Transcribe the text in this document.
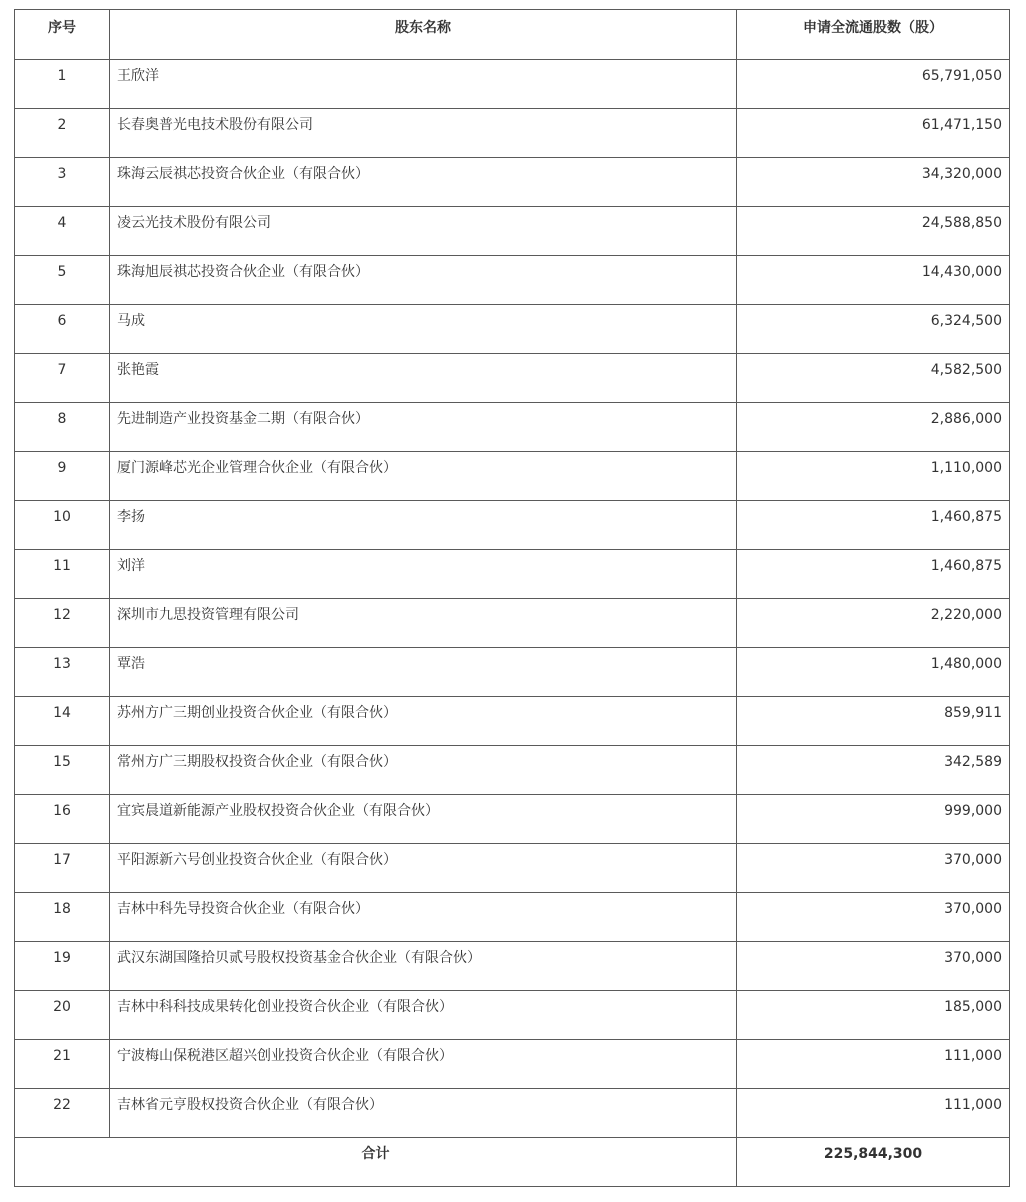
序号	股东名称	申请全流通股数（股）
1	王欣洋	65,791,050
2	长春奥普光电技术股份有限公司	61,471,150
3	珠海云辰祺芯投资合伙企业（有限合伙）	34,320,000
4	凌云光技术股份有限公司	24,588,850
5	珠海旭辰祺芯投资合伙企业（有限合伙）	14,430,000
6	马成	6,324,500
7	张艳霞	4,582,500
8	先进制造产业投资基金二期（有限合伙）	2,886,000
9	厦门源峰芯光企业管理合伙企业（有限合伙）	1,110,000
10	李扬	1,460,875
11	刘洋	1,460,875
12	深圳市九思投资管理有限公司	2,220,000
13	覃浩	1,480,000
14	苏州方广三期创业投资合伙企业（有限合伙）	859,911
15	常州方广三期股权投资合伙企业（有限合伙）	342,589
16	宜宾晨道新能源产业股权投资合伙企业（有限合伙）	999,000
17	平阳源新六号创业投资合伙企业（有限合伙）	370,000
18	吉林中科先导投资合伙企业（有限合伙）	370,000
19	武汉东湖国隆拾贝贰号股权投资基金合伙企业（有限合伙）	370,000
20	吉林中科科技成果转化创业投资合伙企业（有限合伙）	185,000
21	宁波梅山保税港区超兴创业投资合伙企业（有限合伙）	111,000
22	吉林省元亨股权投资合伙企业（有限合伙）	111,000
合计		225,844,300
